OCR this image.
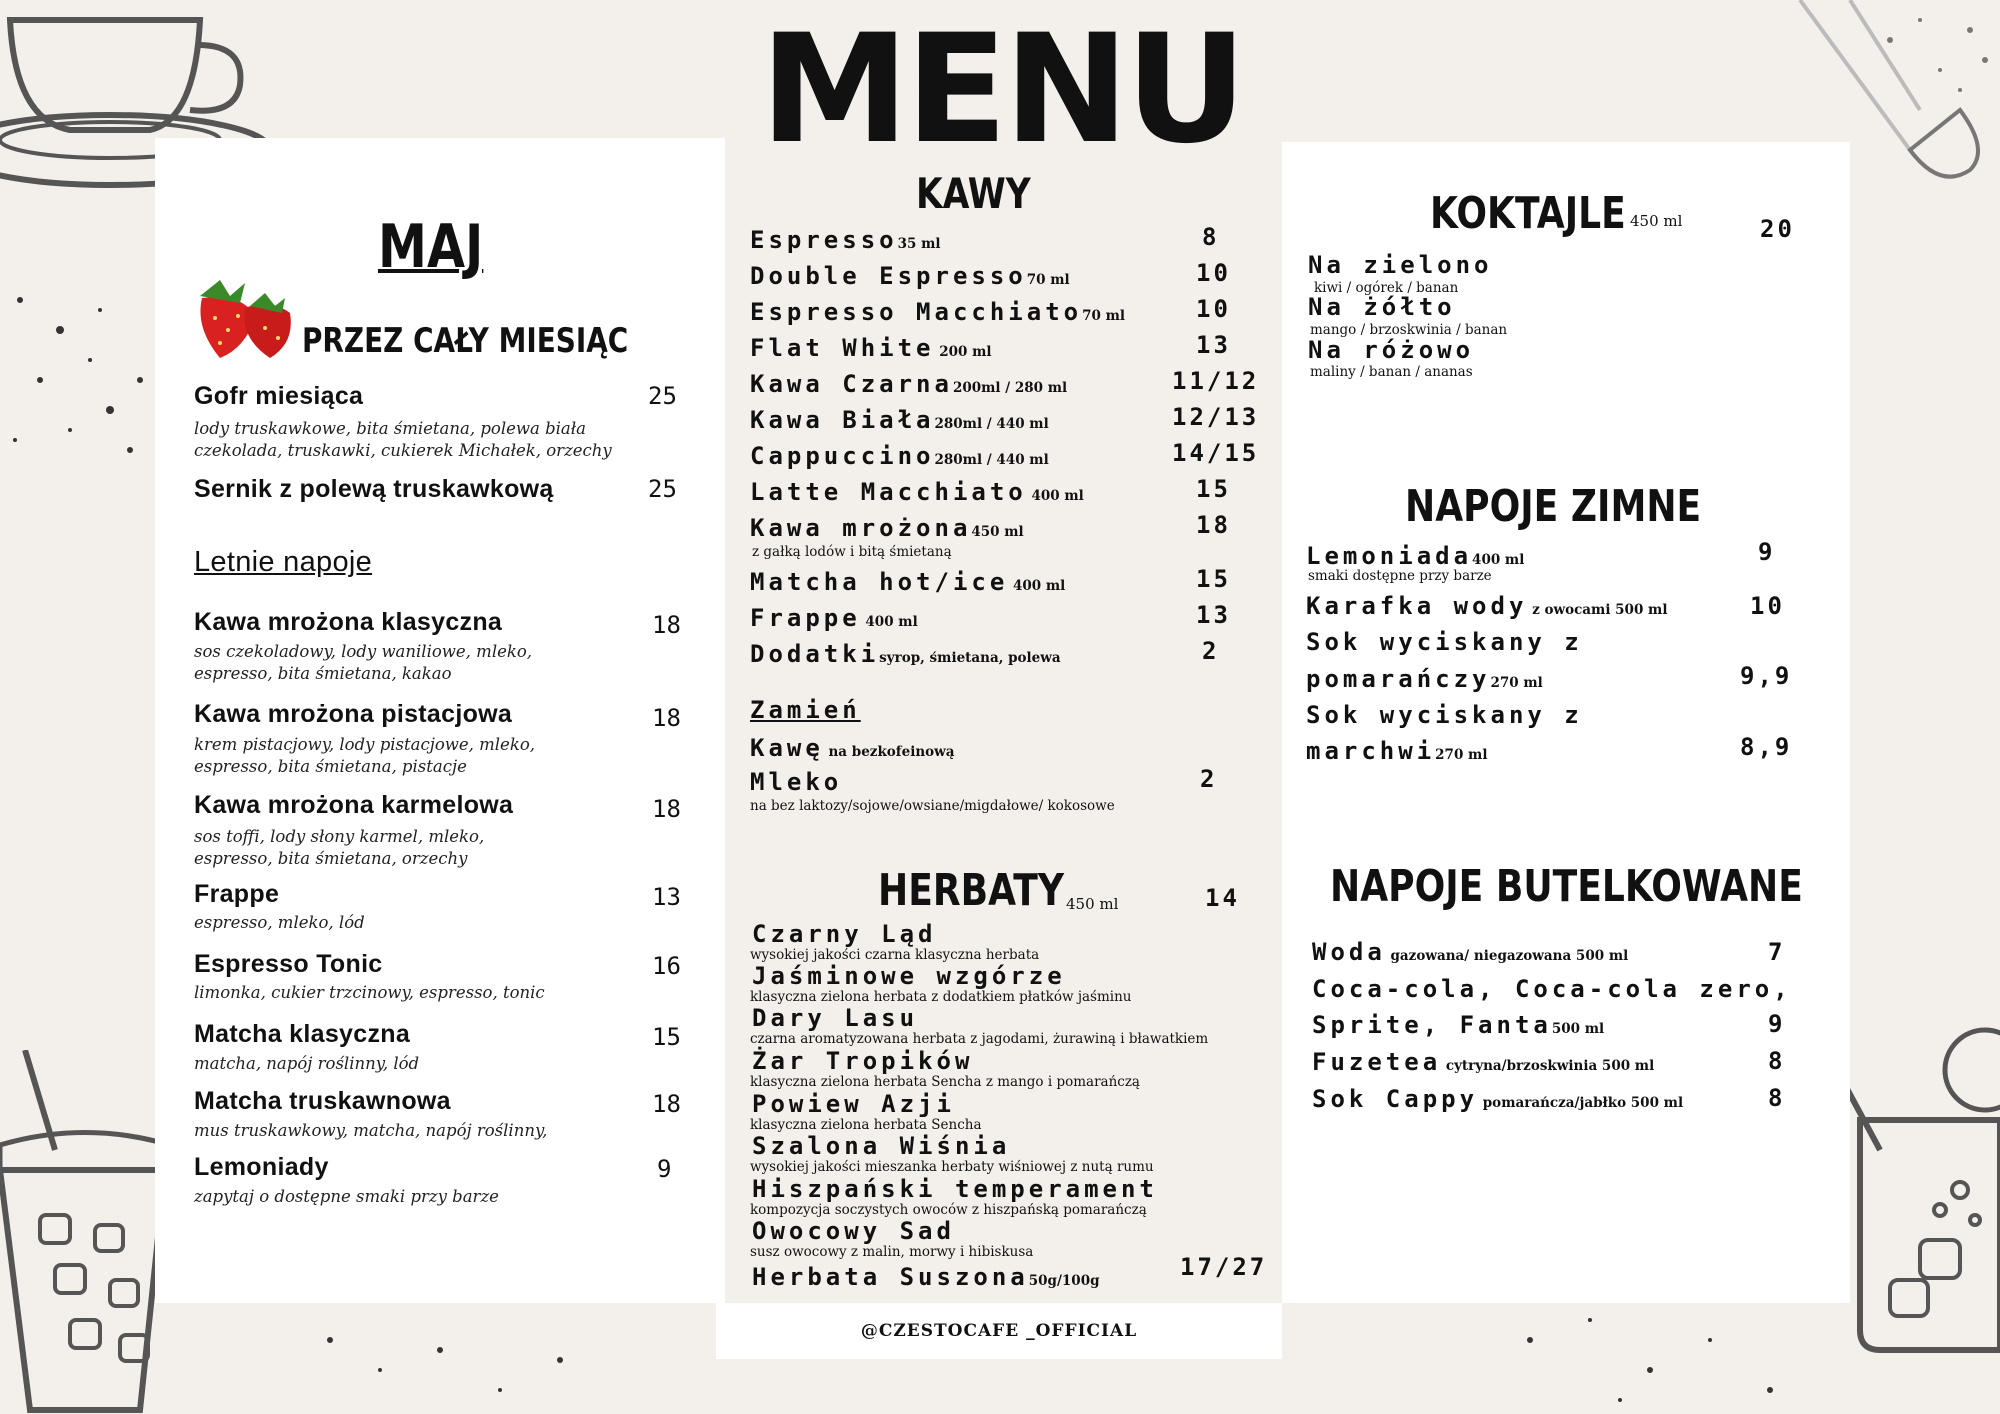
@CZESTOCAFE _OFFICIAL
MENU
MAJ
PRZEZ CAŁY MIESIĄC
Gofr miesiąca	25
lody truskawkowe, bita śmietana, polewa biała czekolada, truskawki, cukierek Michałek, orzechy
Sernik z polewą truskawkową	25
Letnie napoje
Kawa mrożona klasyczna	18
sos czekoladowy, lody waniliowe, mleko, espresso, bita śmietana, kakao
Kawa mrożona pistacjowa	18
krem pistacjowy, lody pistacjowe, mleko, espresso, bita śmietana, pistacje
Kawa mrożona karmelowa	18
sos toffi, lody słony karmel, mleko, espresso, bita śmietana, orzechy
Frappe	13
espresso, mleko, lód
Espresso Tonic	16
limonka, cukier trzcinowy, espresso, tonic
Matcha klasyczna	15
matcha, napój roślinny, lód
Matcha truskawnowa	18
mus truskawkowy, matcha, napój roślinny,
Lemoniady	9
zapytaj o dostępne smaki przy barze
KAWY
Espresso35 ml	8
Double Espresso70 ml	10
Espresso Macchiato70 ml	10
Flat White 200 ml	13
Kawa Czarna200ml / 280 ml	11/12
Kawa Biała280ml / 440 ml	12/13
Cappuccino280ml / 440 ml	14/15
Latte Macchiato 400 ml	15
Kawa mrożona450 ml	18
z gałką lodów i bitą śmietaną
Matcha hot/ice 400 ml	15
Frappe 400 ml	13
Dodatkisyrop, śmietana, polewa	2
Zamień
Kawę na bezkofeinową
Mleko	2
na bez laktozy/sojowe/owsiane/migdałowe/ kokosowe
HERBATY 450 ml	14
Czarny Ląd
wysokiej jakości czarna klasyczna herbata
Jaśminowe wzgórze
klasyczna zielona herbata z dodatkiem płatków jaśminu
Dary Lasu
czarna aromatyzowana herbata z jagodami, żurawiną i bławatkiem
Żar Tropików
klasyczna zielona herbata Sencha z mango i pomarańczą
Powiew Azji
klasyczna zielona herbata Sencha
Szalona Wiśnia
wysokiej jakości mieszanka herbaty wiśniowej z nutą rumu
Hiszpański temperament
kompozycja soczystych owoców z hiszpańską pomarańczą
Owocowy Sad
susz owocowy z malin, morwy i hibiskusa
Herbata Suszona50g/100g	17/27
KOKTAJLE 450 ml	20
Na zielono
kiwi / ogórek / banan
Na żółto
mango / brzoskwinia / banan
Na różowo
maliny / banan / ananas
NAPOJE ZIMNE
Lemoniada400 ml	9
smaki dostępne przy barze
Karafka wody z owocami 500 ml	10
Sok wyciskany z
pomarańczy270 ml	9,9
Sok wyciskany z
marchwi270 ml	8,9
NAPOJE BUTELKOWANE
Woda gazowana/ niegazowana 500 ml	7
Coca-cola, Coca-cola zero,
Sprite, Fanta500 ml	9
Fuzetea cytryna/brzoskwinia 500 ml	8
Sok Cappy pomarańcza/jabłko 500 ml	8
